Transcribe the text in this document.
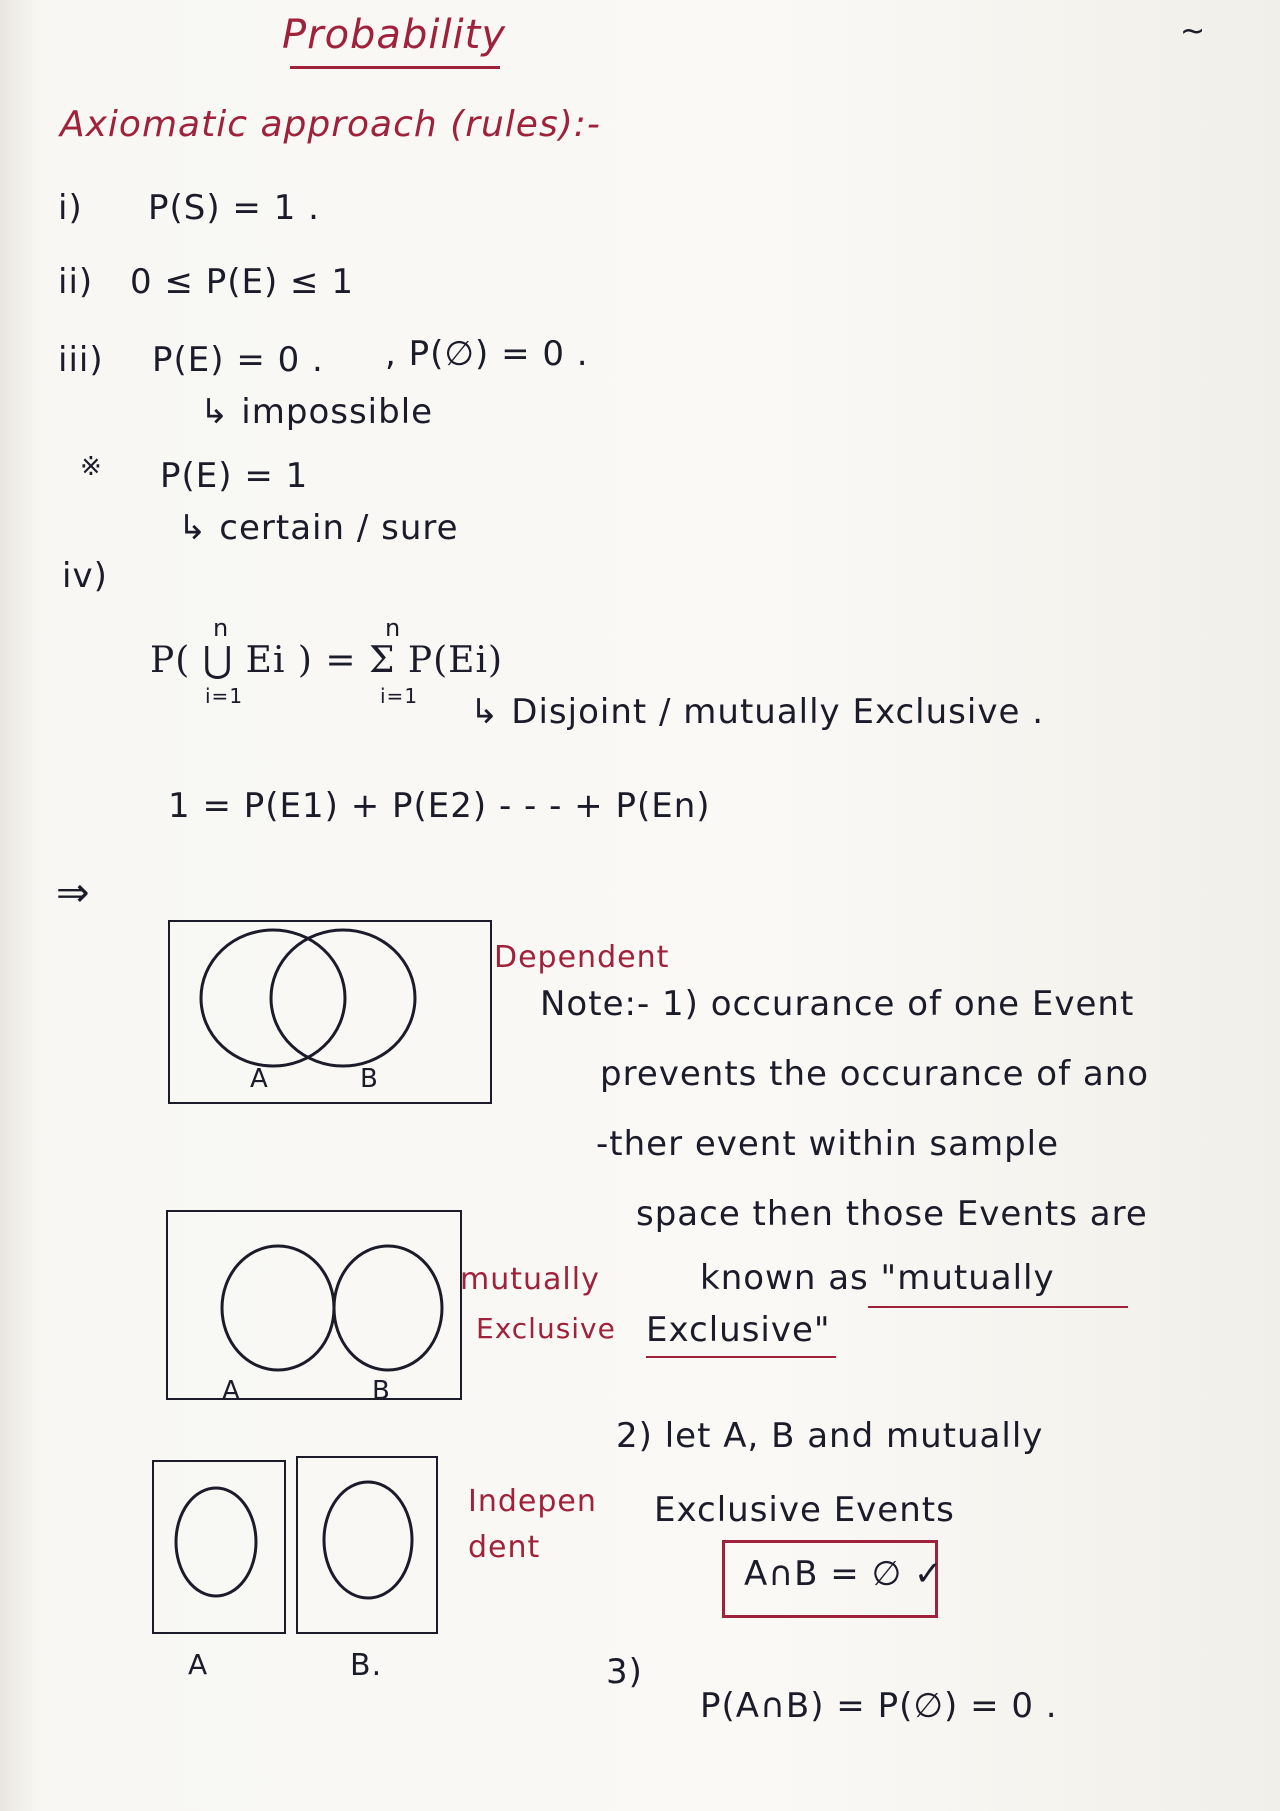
Probability	~
Axiomatic approach (rules):-
i) P(S) = 1 .
ii) 0 ≤ P(E) ≤ 1
iii) P(E) = 0 . , P(∅) = 0 .
↳ impossible
※ P(E) = 1
↳ certain / sure
iv)
n	n
P( ⋃ Ei ) = Σ P(Ei)
i=1	i=1 ↳ Disjoint / mutually Exclusive .
1 = P(E1) + P(E2) - - - + P(En)
⇒
A	B
Dependent
Note:- 1) occurance of one Event
prevents the occurance of ano
-ther event within sample
space then those Events are
A	B
mutually
Exclusive
known as "mutually
Exclusive"
2) let A, B and mutually
A	B.
Indepen
dent
Exclusive Events
A∩B = ∅ ✓
3)
P(A∩B) = P(∅) = 0 .
